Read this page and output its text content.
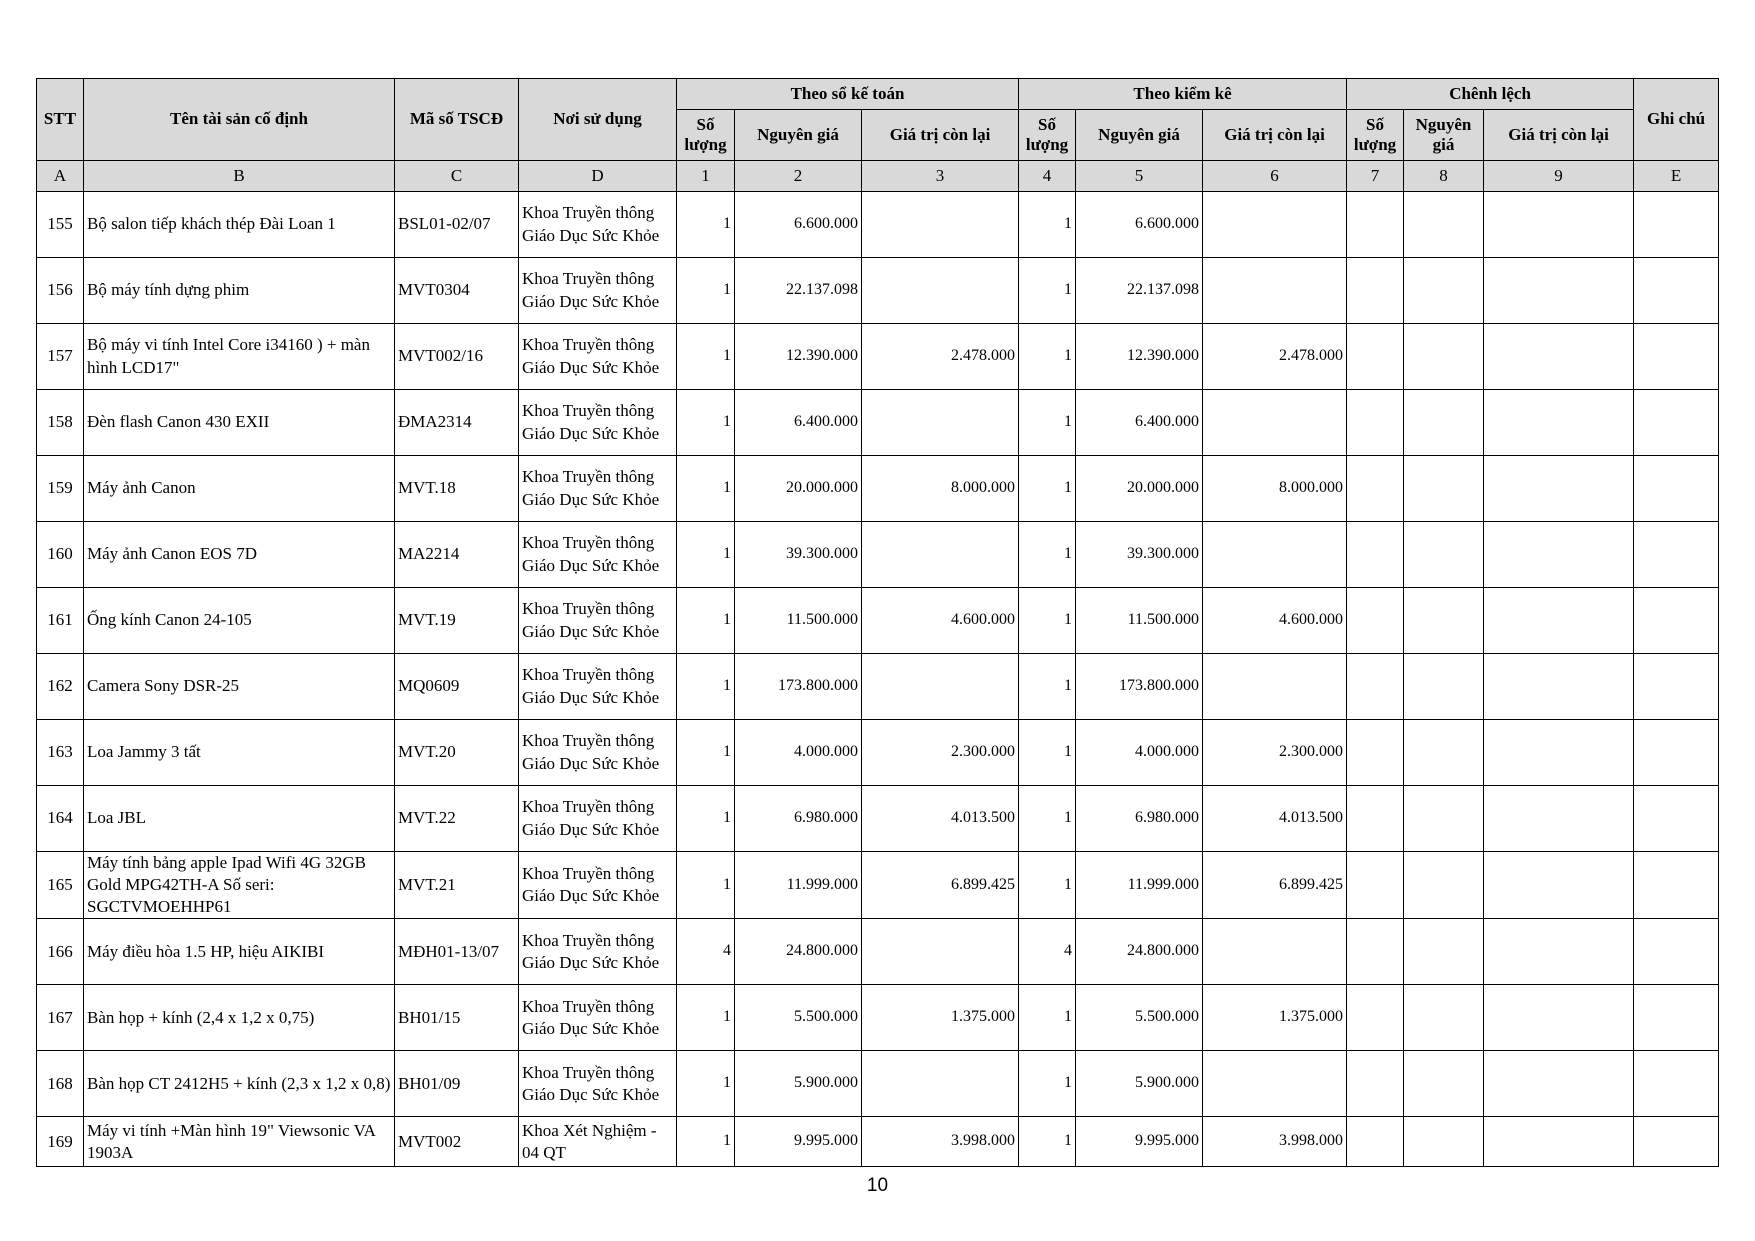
STT	Tên tài sản cố định	Mã số TSCĐ	Nơi sử dụng	Theo sổ kế toán			Theo kiểm kê			Chênh lệch			Ghi chú
				Số lượng	Nguyên giá	Giá trị còn lại	Số lượng	Nguyên giá	Giá trị còn lại	Số lượng	Nguyên giá	Giá trị còn lại	
A	B	C	D	1	2	3	4	5	6	7	8	9	E
155	Bộ salon tiếp khách thép Đài Loan 1	BSL01-02/07	Khoa Truyền thông Giáo Dục Sức Khỏe	1	6.600.000		1	6.600.000					
156	Bộ máy tính dựng phim	MVT0304	Khoa Truyền thông Giáo Dục Sức Khỏe	1	22.137.098		1	22.137.098					
157	Bộ máy vi tính Intel Core i34160 ) + màn hình LCD17"	MVT002/16	Khoa Truyền thông Giáo Dục Sức Khỏe	1	12.390.000	2.478.000	1	12.390.000	2.478.000				
158	Đèn flash Canon 430 EXII	ĐMA2314	Khoa Truyền thông Giáo Dục Sức Khỏe	1	6.400.000		1	6.400.000					
159	Máy ảnh Canon	MVT.18	Khoa Truyền thông Giáo Dục Sức Khỏe	1	20.000.000	8.000.000	1	20.000.000	8.000.000				
160	Máy ảnh Canon EOS 7D	MA2214	Khoa Truyền thông Giáo Dục Sức Khỏe	1	39.300.000		1	39.300.000					
161	Ống kính Canon 24-105	MVT.19	Khoa Truyền thông Giáo Dục Sức Khỏe	1	11.500.000	4.600.000	1	11.500.000	4.600.000				
162	Camera Sony DSR-25	MQ0609	Khoa Truyền thông Giáo Dục Sức Khỏe	1	173.800.000		1	173.800.000					
163	Loa Jammy 3 tất	MVT.20	Khoa Truyền thông Giáo Dục Sức Khỏe	1	4.000.000	2.300.000	1	4.000.000	2.300.000				
164	Loa JBL	MVT.22	Khoa Truyền thông Giáo Dục Sức Khỏe	1	6.980.000	4.013.500	1	6.980.000	4.013.500				
165	Máy tính bảng apple Ipad Wifi 4G 32GB Gold MPG42TH-A Số seri: SGCTVMOEHHP61	MVT.21	Khoa Truyền thông Giáo Dục Sức Khỏe	1	11.999.000	6.899.425	1	11.999.000	6.899.425				
166	Máy điều hòa 1.5 HP, hiệu AIKIBI	MĐH01-13/07	Khoa Truyền thông Giáo Dục Sức Khỏe	4	24.800.000		4	24.800.000					
167	Bàn họp + kính (2,4 x 1,2 x 0,75)	BH01/15	Khoa Truyền thông Giáo Dục Sức Khỏe	1	5.500.000	1.375.000	1	5.500.000	1.375.000				
168	Bàn họp CT 2412H5 + kính (2,3 x 1,2 x 0,8)	BH01/09	Khoa Truyền thông Giáo Dục Sức Khỏe	1	5.900.000		1	5.900.000					
169	Máy vi tính +Màn hình 19" Viewsonic VA 1903A	MVT002	Khoa Xét Nghiệm - 04 QT	1	9.995.000	3.998.000	1	9.995.000	3.998.000				
10
